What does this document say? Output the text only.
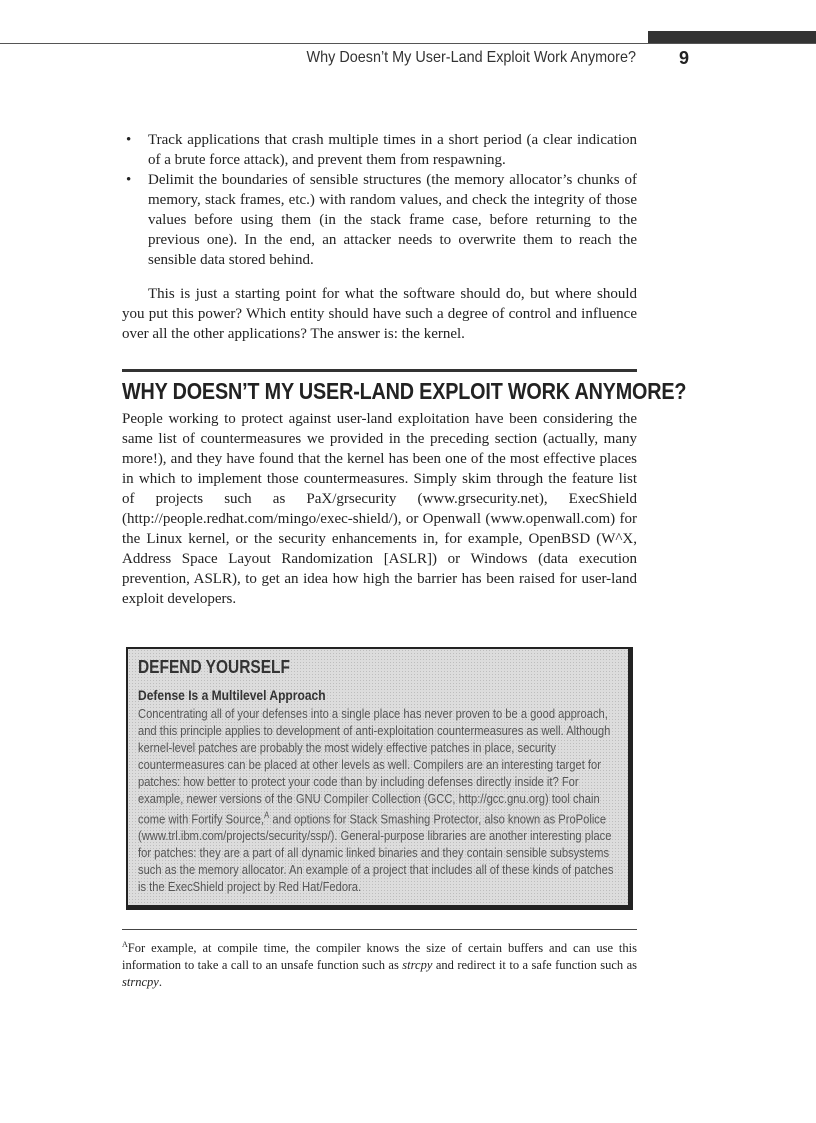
Why Doesn’t My User-Land Exploit Work Anymore? 9
• Track applications that crash multiple times in a short period (a clear indication of a brute force attack), and prevent them from respawning.
• Delimit the boundaries of sensible structures (the memory allocator’s chunks of memory, stack frames, etc.) with random values, and check the integrity of those values before using them (in the stack frame case, before returning to the previous one). In the end, an attacker needs to overwrite them to reach the sensible data stored behind.

This is just a starting point for what the software should do, but where should you put this power? Which entity should have such a degree of control and influence over all the other applications? The answer is: the kernel.

WHY DOESN’T MY USER-LAND EXPLOIT WORK ANYMORE?

People working to protect against user-land exploitation have been considering the same list of countermeasures we provided in the preceding section (actually, many more!), and they have found that the kernel has been one of the most effective places in which to implement those countermeasures. Simply skim through the feature list of projects such as PaX/grsecurity (www.grsecurity.net), ExecShield (http://people.redhat.com/mingo/exec-shield/), or Openwall (www.openwall.com) for the Linux kernel, or the security enhancements in, for example, OpenBSD (W^X, Address Space Layout Randomization [ASLR]) or Windows (data execution prevention, ASLR), to get an idea how high the barrier has been raised for user-land exploit developers.

DEFEND YOURSELF
Defense Is a Multilevel Approach

Concentrating all of your defenses into a single place has never proven to be a good approach, and this principle applies to development of anti-exploitation countermeasures as well. Although kernel-level patches are probably the most widely effective patches in place, security countermeasures can be placed at other levels as well. Compilers are an interesting target for patches: how better to protect your code than by including defenses directly inside it? For example, newer versions of the GNU Compiler Collection (GCC, http://gcc.gnu.org) tool chain come with Fortify Source,$^A$ and options for Stack Smashing Protector, also known as ProPolice (www.trl.ibm.com/projects/security/ssp/). General-purpose libraries are another interesting place for patches: they are a part of all dynamic linked binaries and they contain sensible subsystems such as the memory allocator. An example of a project that includes all of these kinds of patches is the ExecShield project by Red Hat/Fedora.

$^A$For example, at compile time, the compiler knows the size of certain buffers and can use this information to take a call to an unsafe function such as strcpy and redirect it to a safe function such as strncpy.
